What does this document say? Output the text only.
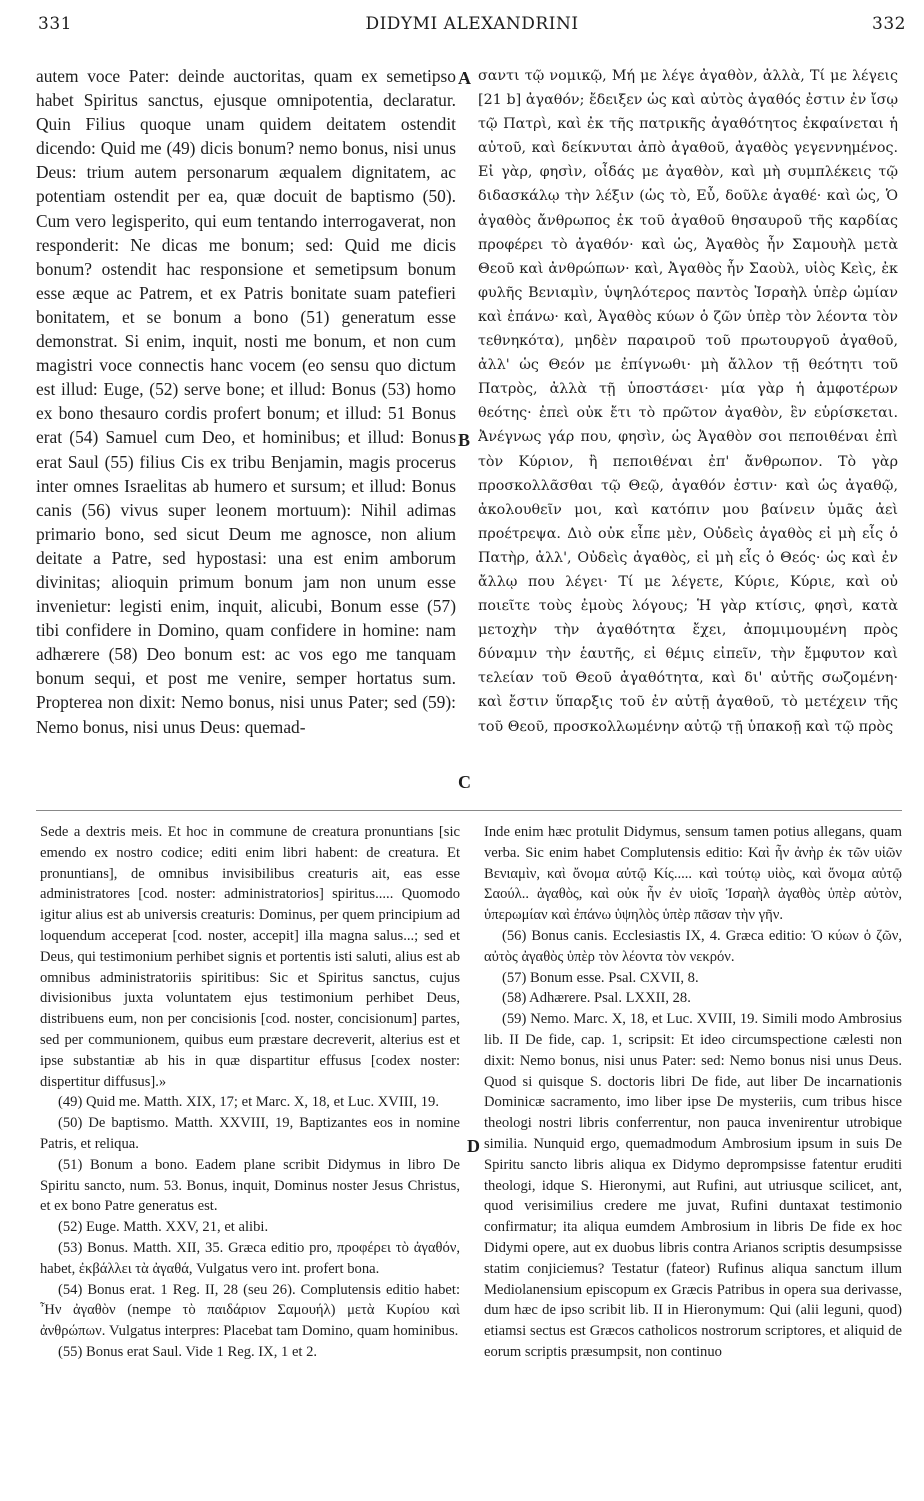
331	DIDYMI ALEXANDRINI	332

autem voce Pater: deinde auctoritas, quam ex semetipso habet Spiritus sanctus, ejusque omnipotentia, declaratur. Quin Filius quoque unam quidem deitatem ostendit dicendo: Quid me (49) dicis bonum? nemo bonus, nisi unus Deus: trium autem personarum æqualem dignitatem, ac potentiam ostendit per ea, quæ docuit de baptismo (50). Cum vero legisperito, qui eum tentando interrogaverat, non responderit: Ne dicas me bonum; sed: Quid me dicis bonum? ostendit hac responsione et semetipsum bonum esse æque ac Patrem, et ex Patris bonitate suam patefieri bonitatem, et se bonum a bono (51) generatum esse demonstrat. Si enim, inquit, nosti me bonum, et non cum magistri voce connectis hanc vocem (eo sensu quo dictum est illud: Euge, (52) serve bone; et illud: Bonus (53) homo ex bono thesauro cordis profert bonum; et illud: 51 Bonus erat (54) Samuel cum Deo, et hominibus; et illud: Bonus erat Saul (55) filius Cis ex tribu Benjamin, magis procerus inter omnes Israelitas ab humero et sursum; et illud: Bonus canis (56) vivus super leonem mortuum): Nihil adimas primario bono, sed sicut Deum me agnosce, non alium deitate a Patre, sed hypostasi: una est enim amborum divinitas; alioquin primum bonum jam non unum esse invenietur: legisti enim, inquit, alicubi, Bonum esse (57) tibi confidere in Domino, quam confidere in homine: nam adhærere (58) Deo bonum est: ac vos ego me tanquam bonum sequi, et post me venire, semper hortatus sum. Propterea non dixit: Nemo bonus, nisi unus Pater; sed (59): Nemo bonus, nisi unus Deus: quemad-

σαντι τῷ νομικῷ, Μή με λέγε ἀγαθὸν, ἀλλὰ, Τί με λέγεις [21 b] ἀγαθόν; ἔδειξεν ὡς καὶ αὐτὸς ἀγαθός ἐστιν ἐν ἴσῳ τῷ Πατρὶ, καὶ ἐκ τῆς πατρικῆς ἀγαθότητος ἐκφαίνεται ἡ αὐτοῦ, καὶ δείκνυται ἀπὸ ἀγαθοῦ, ἀγαθὸς γεγεννημένος. Εἰ γὰρ, φησὶν, οἶδάς με ἀγαθὸν, καὶ μὴ συμπλέκεις τῷ διδασκάλῳ τὴν λέξιν (ὡς τὸ, Εὖ, δοῦλε ἀγαθέ· καὶ ὡς, Ὁ ἀγαθὸς ἄνθρωπος ἐκ τοῦ ἀγαθοῦ θησαυροῦ τῆς καρδίας προφέρει τὸ ἀγαθόν· καὶ ὡς, Ἀγαθὸς ἦν Σαμουὴλ μετὰ Θεοῦ καὶ ἀνθρώπων· καὶ, Ἀγαθὸς ἦν Σαοὺλ, υἱὸς Κεὶς, ἐκ φυλῆς Βενιαμὶν, ὑψηλότερος παντὸς Ἰσραὴλ ὑπὲρ ὠμίαν καὶ ἐπάνω· καὶ, Ἀγαθὸς κύων ὁ ζῶν ὑπὲρ τὸν λέοντα τὸν τεθνηκότα), μηδὲν παραιροῦ τοῦ πρωτουργοῦ ἀγαθοῦ, ἀλλ' ὡς Θεόν με ἐπίγνωθι· μὴ ἄλλον τῇ θεότητι τοῦ Πατρὸς, ἀλλὰ τῇ ὑποστάσει· μία γὰρ ἡ ἀμφοτέρων θεότης· ἐπεὶ οὐκ ἔτι τὸ πρῶτον ἀγαθὸν, ἓν εὑρίσκεται. Ἀνέγνως γάρ που, φησὶν, ὡς Ἀγαθὸν σοι πεποιθέναι ἐπὶ τὸν Κύριον, ἢ πεποιθέναι ἐπ' ἄνθρωπον. Τὸ γὰρ προσκολλᾶσθαι τῷ Θεῷ, ἀγαθόν ἐστιν· καὶ ὡς ἀγαθῷ, ἀκολουθεῖν μοι, καὶ κατόπιν μου βαίνειν ὑμᾶς ἀεὶ προέτρεψα. Διὸ οὐκ εἶπε μὲν, Οὐδεὶς ἀγαθὸς εἰ μὴ εἷς ὁ Πατὴρ, ἀλλ', Οὐδεὶς ἀγαθὸς, εἰ μὴ εἷς ὁ Θεός· ὡς καὶ ἐν ἄλλῳ που λέγει· Τί με λέγετε, Κύριε, Κύριε, καὶ οὐ ποιεῖτε τοὺς ἐμοὺς λόγους; Ἡ γὰρ κτίσις, φησὶ, κατὰ μετοχὴν τὴν ἀγαθότητα ἔχει, ἀπομιμουμένη πρὸς δύναμιν τὴν ἑαυτῆς, εἰ θέμις εἰπεῖν, τὴν ἔμφυτον καὶ τελείαν τοῦ Θεοῦ ἀγαθότητα, καὶ δι' αὐτῆς σωζομένη· καὶ ἔστιν ὕπαρξις τοῦ ἐν αὐτῇ ἀγαθοῦ, τὸ μετέχειν τῆς τοῦ Θεοῦ, προσκολλωμένην αὐτῷ τῇ ὑπακοῇ καὶ τῷ πρὸς

A
B
C
D

Sede a dextris meis. Et hoc in commune de creatura pronuntians [sic emendo ex nostro codice; editi enim libri habent: de creatura. Et pronuntians], de omnibus invisibilibus creaturis ait, eas esse administratores [cod. noster: administratorios] spiritus..... Quomodo igitur alius est ab universis creaturis: Dominus, per quem principium ad loquendum acceperat [cod. noster, accepit] illa magna salus...; sed et Deus, qui testimonium perhibet signis et portentis isti saluti, alius est ab omnibus administratoriis spiritibus: Sic et Spiritus sanctus, cujus divisionibus juxta voluntatem ejus testimonium perhibet Deus, distribuens eum, non per concisionis [cod. noster, concisionum] partes, sed per communionem, quibus eum præstare decreverit, alterius est et ipse substantiæ ab his in quæ dispartitur effusus [codex noster: dispertitur diffusus].»

(49) Quid me. Matth. XIX, 17; et Marc. X, 18, et Luc. XVIII, 19.

(50) De baptismo. Matth. XXVIII, 19, Baptizantes eos in nomine Patris, et reliqua.

(51) Bonum a bono. Eadem plane scribit Didymus in libro De Spiritu sancto, num. 53. Bonus, inquit, Dominus noster Jesus Christus, et ex bono Patre generatus est.

(52) Euge. Matth. XXV, 21, et alibi.

(53) Bonus. Matth. XII, 35. Græca editio pro, προφέρει τὸ ἀγαθόν, habet, ἐκβάλλει τὰ ἀγαθά, Vulgatus vero int. profert bona.

(54) Bonus erat. 1 Reg. II, 28 (seu 26). Complutensis editio habet: Ἦν ἀγαθὸν (nempe τὸ παιδάριον Σαμουήλ) μετὰ Κυρίου καὶ ἀνθρώπων. Vulgatus interpres: Placebat tam Domino, quam hominibus.

(55) Bonus erat Saul. Vide 1 Reg. IX, 1 et 2.

Inde enim hæc protulit Didymus, sensum tamen potius allegans, quam verba. Sic enim habet Complutensis editio: Καὶ ἦν ἀνὴρ ἐκ τῶν υἱῶν Βενιαμὶν, καὶ ὄνομα αὐτῷ Κίς..... καὶ τούτῳ υἱὸς, καὶ ὄνομα αὐτῷ Σαούλ.. ἀγαθὸς, καὶ οὐκ ἦν ἐν υἱοῖς Ἰσραὴλ ἀγαθὸς ὑπὲρ αὐτὸν, ὑπερωμίαν καὶ ἐπάνω ὑψηλὸς ὑπὲρ πᾶσαν τὴν γῆν.

(56) Bonus canis. Ecclesiastis IX, 4. Græca editio: Ὁ κύων ὁ ζῶν, αὐτὸς ἀγαθὸς ὑπὲρ τὸν λέοντα τὸν νεκρόν.

(57) Bonum esse. Psal. CXVII, 8.

(58) Adhærere. Psal. LXXII, 28.

(59) Nemo. Marc. X, 18, et Luc. XVIII, 19. Simili modo Ambrosius lib. II De fide, cap. 1, scripsit: Et ideo circumspectione cælesti non dixit: Nemo bonus, nisi unus Pater: sed: Nemo bonus nisi unus Deus. Quod si quisque S. doctoris libri De fide, aut liber De incarnationis Dominicæ sacramento, imo liber ipse De mysteriis, cum tribus hisce theologi nostri libris conferrentur, non pauca invenirentur utrobique similia. Nunquid ergo, quemadmodum Ambrosium ipsum in suis De Spiritu sancto libris aliqua ex Didymo deprompsisse fatentur eruditi theologi, idque S. Hieronymi, aut Rufini, aut utriusque scilicet, ant, quod verisimilius credere me juvat, Rufini duntaxat testimonio confirmatur; ita aliqua eumdem Ambrosium in libris De fide ex hoc Didymi opere, aut ex duobus libris contra Arianos scriptis desumpsisse statim conjiciemus? Testatur (fateor) Rufinus aliqua sanctum illum Mediolanensium episcopum ex Græcis Patribus in opera sua derivasse, dum hæc de ipso scribit lib. II in Hieronymum: Qui (alii leguni, quod) etiamsi sectus est Græcos catholicos nostrorum scriptores, et aliquid de eorum scriptis præsumpsit, non continuo
